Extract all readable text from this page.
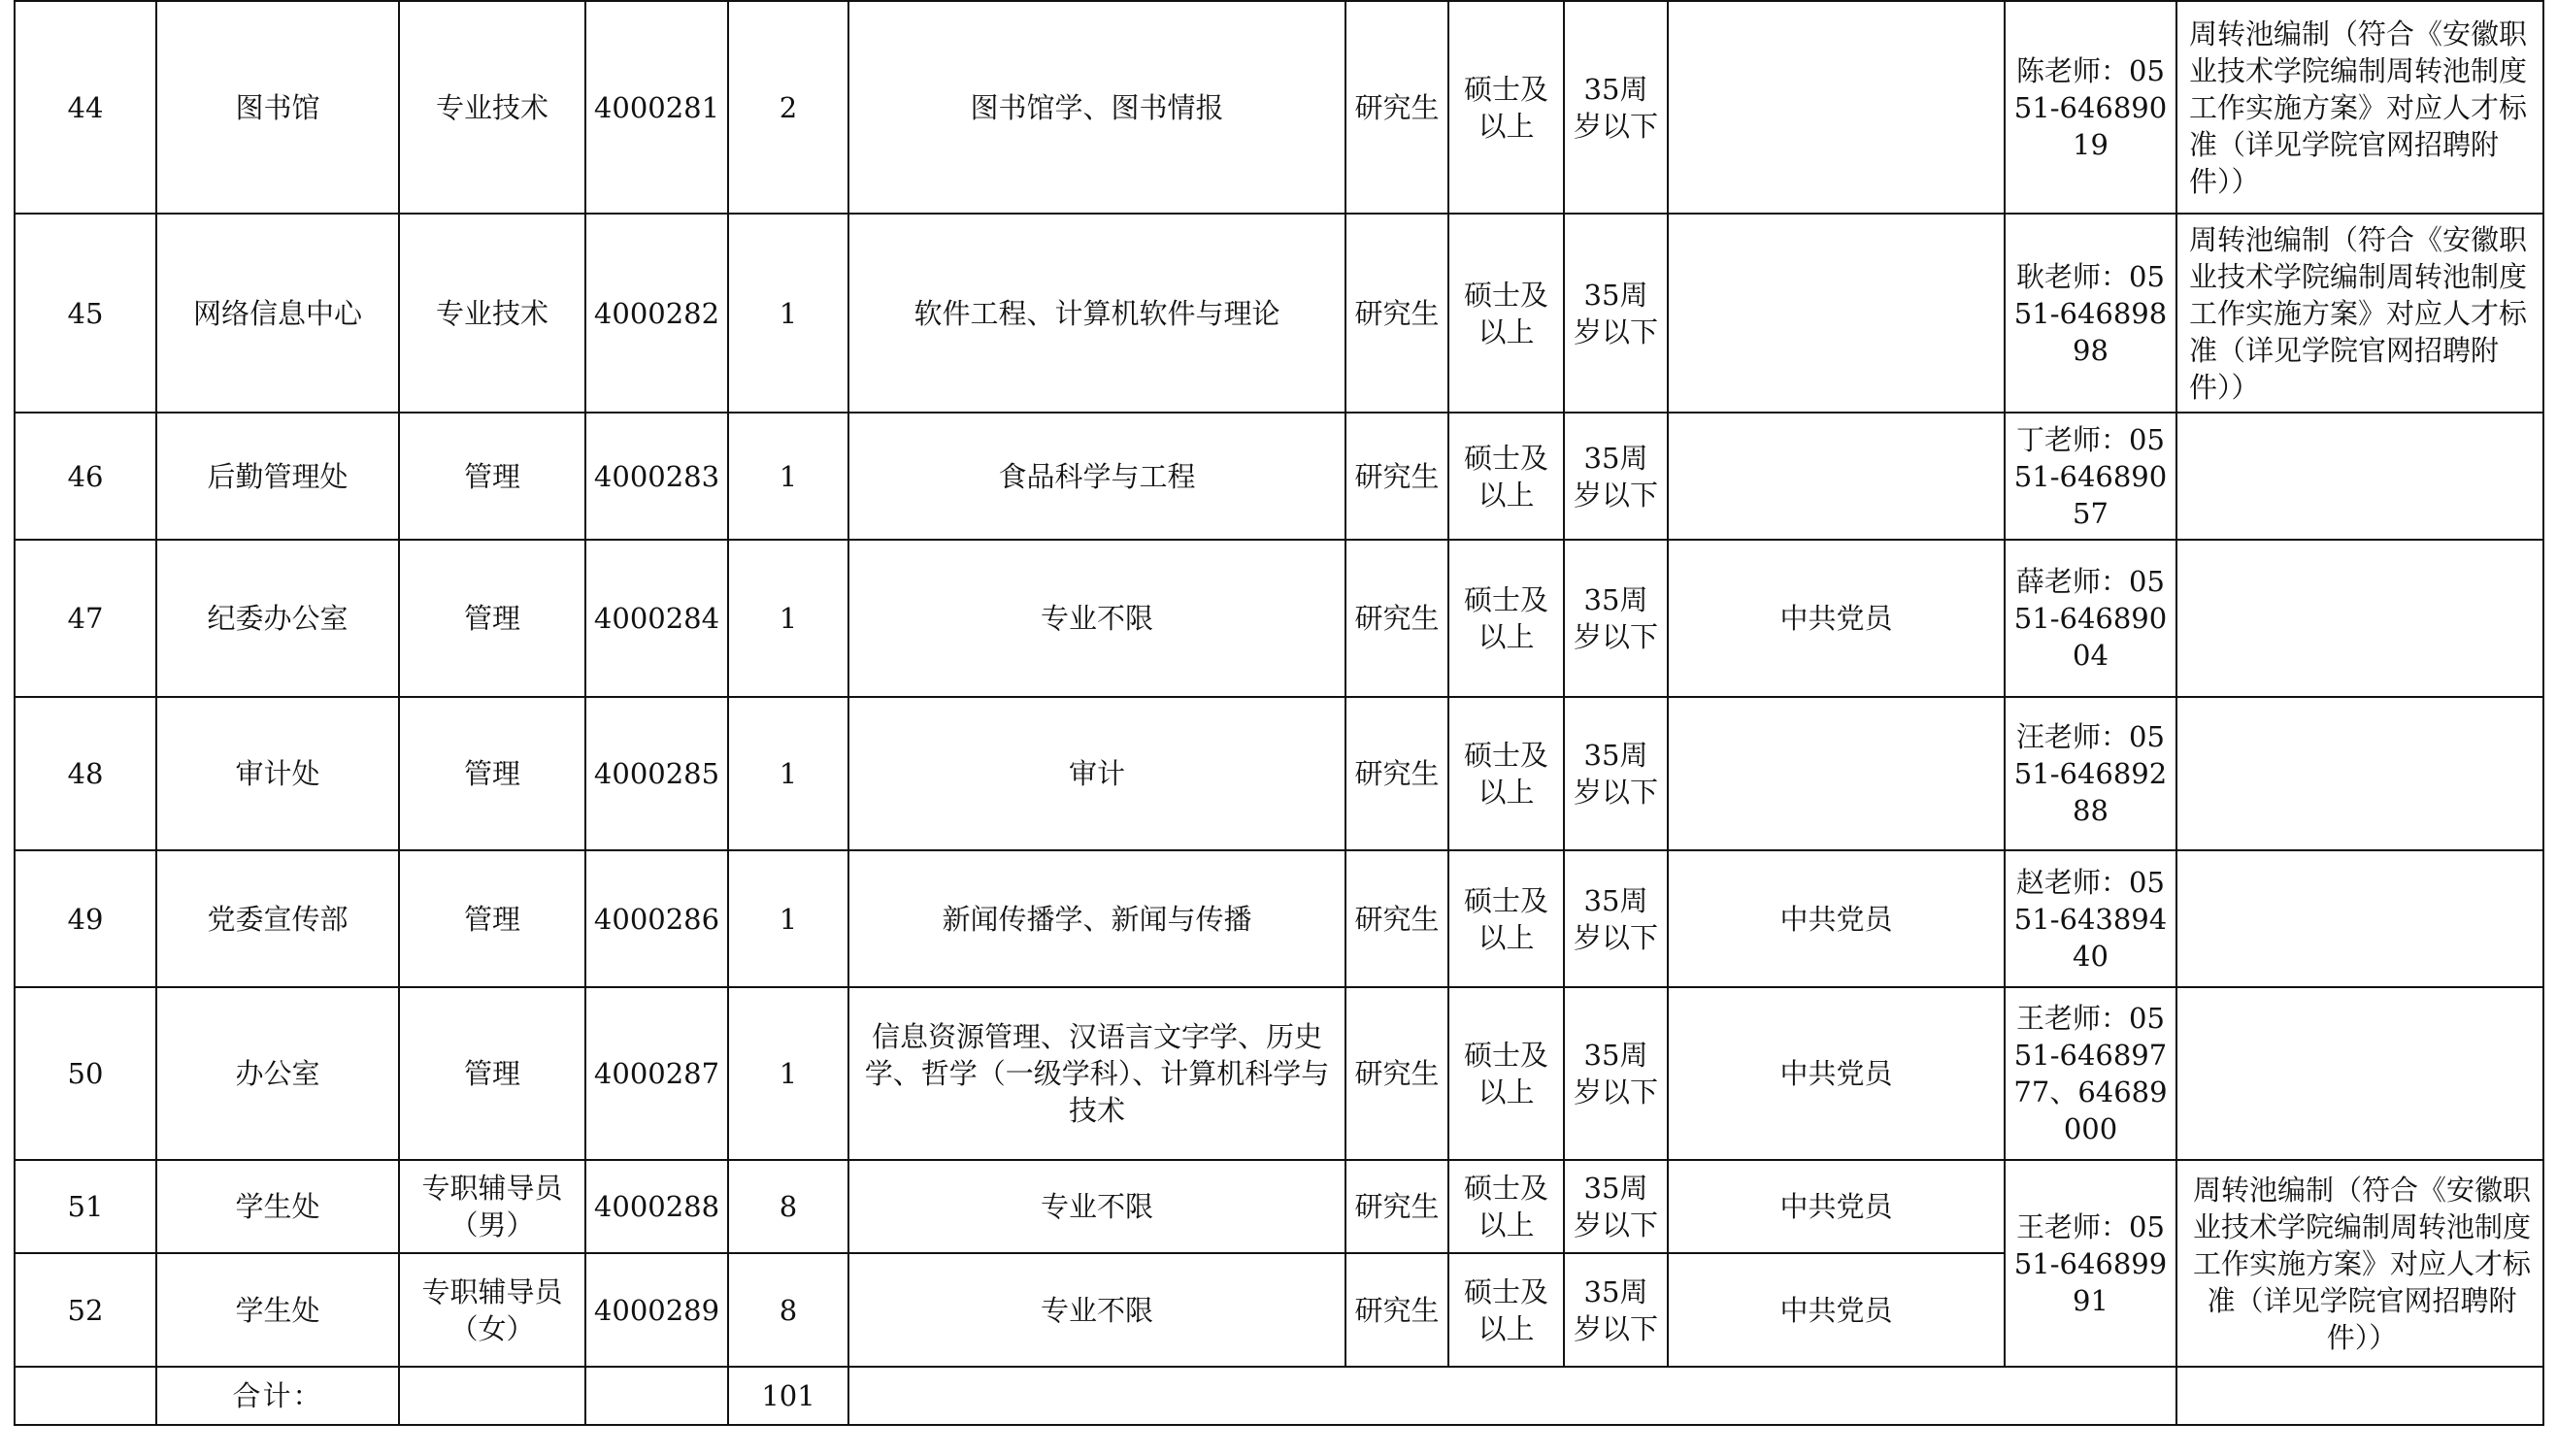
44	图书馆	专业技术	4000281	2	图书馆学、图书情报	研究生	硕士及以上	35周岁以下		陈老师：0551-64689019	周转池编制（符合《安徽职业技术学院编制周转池制度工作实施方案》对应人才标准（详见学院官网招聘附件））
45	网络信息中心	专业技术	4000282	1	软件工程、计算机软件与理论	研究生	硕士及以上	35周岁以下		耿老师：0551-64689898	周转池编制（符合《安徽职业技术学院编制周转池制度工作实施方案》对应人才标准（详见学院官网招聘附件））
46	后勤管理处	管理	4000283	1	食品科学与工程	研究生	硕士及以上	35周岁以下		丁老师：0551-64689057	
47	纪委办公室	管理	4000284	1	专业不限	研究生	硕士及以上	35周岁以下	中共党员	薛老师：0551-64689004	
48	审计处	管理	4000285	1	审计	研究生	硕士及以上	35周岁以下		汪老师：0551-64689288	
49	党委宣传部	管理	4000286	1	新闻传播学、新闻与传播	研究生	硕士及以上	35周岁以下	中共党员	赵老师：0551-64389440	
50	办公室	管理	4000287	1	信息资源管理、汉语言文字学、历史学、哲学（一级学科）、计算机科学与技术	研究生	硕士及以上	35周岁以下	中共党员	王老师：0551-64689777、64689000	
51	学生处	专职辅导员（男）	4000288	8	专业不限	研究生	硕士及以上	35周岁以下	中共党员	王老师：0551-64689991	周转池编制（符合《安徽职业技术学院编制周转池制度工作实施方案》对应人才标准（详见学院官网招聘附件））
52	学生处	专职辅导员（女）	4000289	8	专业不限	研究生	硕士及以上	35周岁以下	中共党员		
	合计：			101							
